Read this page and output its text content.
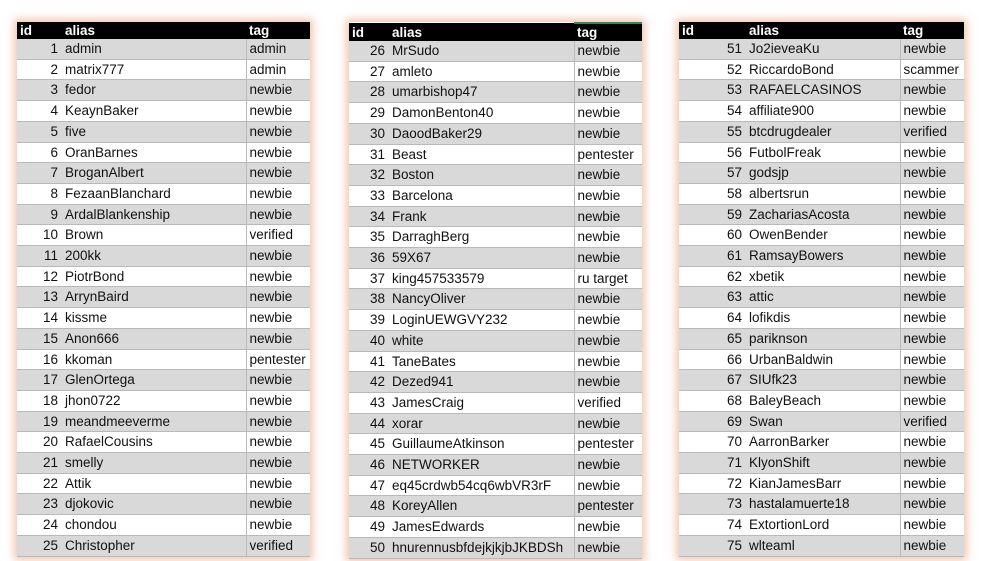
id	alias	tag
1	admin	admin
2	matrix777	admin
3	fedor	newbie
4	KeaynBaker	newbie
5	five	newbie
6	OranBarnes	newbie
7	BroganAlbert	newbie
8	FezaanBlanchard	newbie
9	ArdalBlankenship	newbie
10	Brown	verified
11	200kk	newbie
12	PiotrBond	newbie
13	ArrynBaird	newbie
14	kissme	newbie
15	Anon666	newbie
16	kkoman	pentester
17	GlenOrtega	newbie
18	jhon0722	newbie
19	meandmeeverme	newbie
20	RafaelCousins	newbie
21	smelly	newbie
22	Attik	newbie
23	djokovic	newbie
24	chondou	newbie
25	Christopher	verified
id	alias	tag
26	MrSudo	newbie
27	amleto	newbie
28	umarbishop47	newbie
29	DamonBenton40	newbie
30	DaoodBaker29	newbie
31	Beast	pentester
32	Boston	newbie
33	Barcelona	newbie
34	Frank	newbie
35	DarraghBerg	newbie
36	59X67	newbie
37	king457533579	ru target
38	NancyOliver	newbie
39	LoginUEWGVY232	newbie
40	white	newbie
41	TaneBates	newbie
42	Dezed941	newbie
43	JamesCraig	verified
44	xorar	newbie
45	GuillaumeAtkinson	pentester
46	NETWORKER	newbie
47	eq45crdwb54cq6wbVR3rF	newbie
48	KoreyAllen	pentester
49	JamesEdwards	newbie
50	hnurennusbfdejkjkjbJKBDSh	newbie
id	alias	tag
51	Jo2ieveaKu	newbie
52	RiccardoBond	scammer
53	RAFAELCASINOS	newbie
54	affiliate900	newbie
55	btcdrugdealer	verified
56	FutbolFreak	newbie
57	godsjp	newbie
58	albertsrun	newbie
59	ZachariasAcosta	newbie
60	OwenBender	newbie
61	RamsayBowers	newbie
62	xbetik	newbie
63	attic	newbie
64	lofikdis	newbie
65	pariknson	newbie
66	UrbanBaldwin	newbie
67	SIUfk23	newbie
68	BaleyBeach	newbie
69	Swan	verified
70	AarronBarker	newbie
71	KlyonShift	newbie
72	KianJamesBarr	newbie
73	hastalamuerte18	newbie
74	ExtortionLord	newbie
75	wlteaml	newbie
